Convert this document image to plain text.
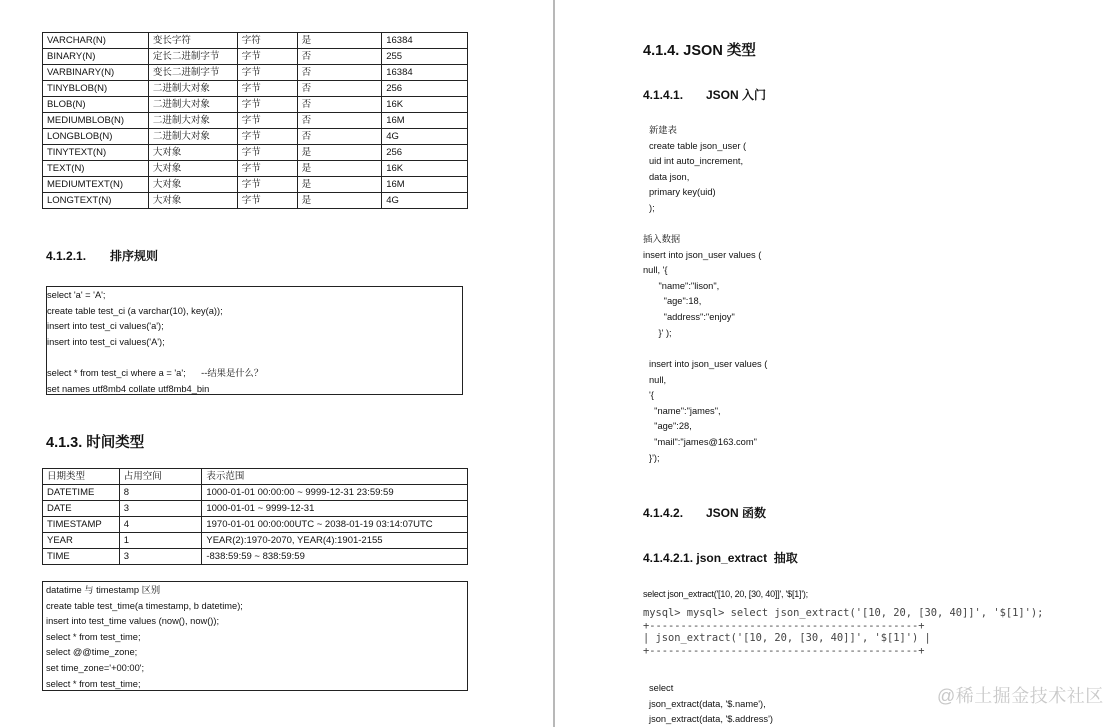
VARCHAR(N)	变长字符	字符	是	16384
BINARY(N)	定长二进制字节	字节	否	255
VARBINARY(N)	变长二进制字节	字节	否	16384
TINYBLOB(N)	二进制大对象	字节	否	256
BLOB(N)	二进制大对象	字节	否	16K
MEDIUMBLOB(N)	二进制大对象	字节	否	16M
LONGBLOB(N)	二进制大对象	字节	否	4G
TINYTEXT(N)	大对象	字节	是	256
TEXT(N)	大对象	字节	是	16K
MEDIUMTEXT(N)	大对象	字节	是	16M
LONGTEXT(N)	大对象	字节	是	4G
4.1.2.1. 排序规则
select 'a' = 'A';
create table test_ci (a varchar(10), key(a));
insert into test_ci values('a');
insert into test_ci values('A');
select * from test_ci where a = 'a';      --结果是什么？
set names utf8mb4 collate utf8mb4_bin
4.1.3. 时间类型
日期类型	占用空间	表示范围
DATETIME	8	1000-01-01 00:00:00 ~ 9999-12-31 23:59:59
DATE	3	1000-01-01 ~ 9999-12-31
TIMESTAMP	4	1970-01-01 00:00:00UTC ~ 2038-01-19 03:14:07UTC
YEAR	1	YEAR(2):1970-2070, YEAR(4):1901-2155
TIME	3	-838:59:59 ~ 838:59:59
datatime 与 timestamp 区别
create table test_time(a timestamp, b datetime);
insert into test_time values (now(), now());
select * from test_time;
select @@time_zone;
set time_zone='+00:00';
select * from test_time;
4.1.4. JSON 类型
4.1.4.1. JSON 入门
新建表
create table json_user (
uid int auto_increment,
data json,
primary key(uid)
);
插入数据
insert into json_user values (
null, '{
"name":"lison",
"age":18,
"address":"enjoy"
}' );
insert into json_user values (
null,
'{
"name":"james",
"age":28,
"mail":"james@163.com"
}');
4.1.4.2. JSON 函数
4.1.4.2.1. json_extract  抽取
select json_extract('[10, 20, [30, 40]]', '$[1]');
mysql> mysql> select json_extract('[10, 20, [30, 40]]', '$[1]');
+-------------------------------------------+
| json_extract('[10, 20, [30, 40]]', '$[1]') |
+-------------------------------------------+
select
json_extract(data, '$.name'),
json_extract(data, '$.address')
@稀土掘金技术社区
